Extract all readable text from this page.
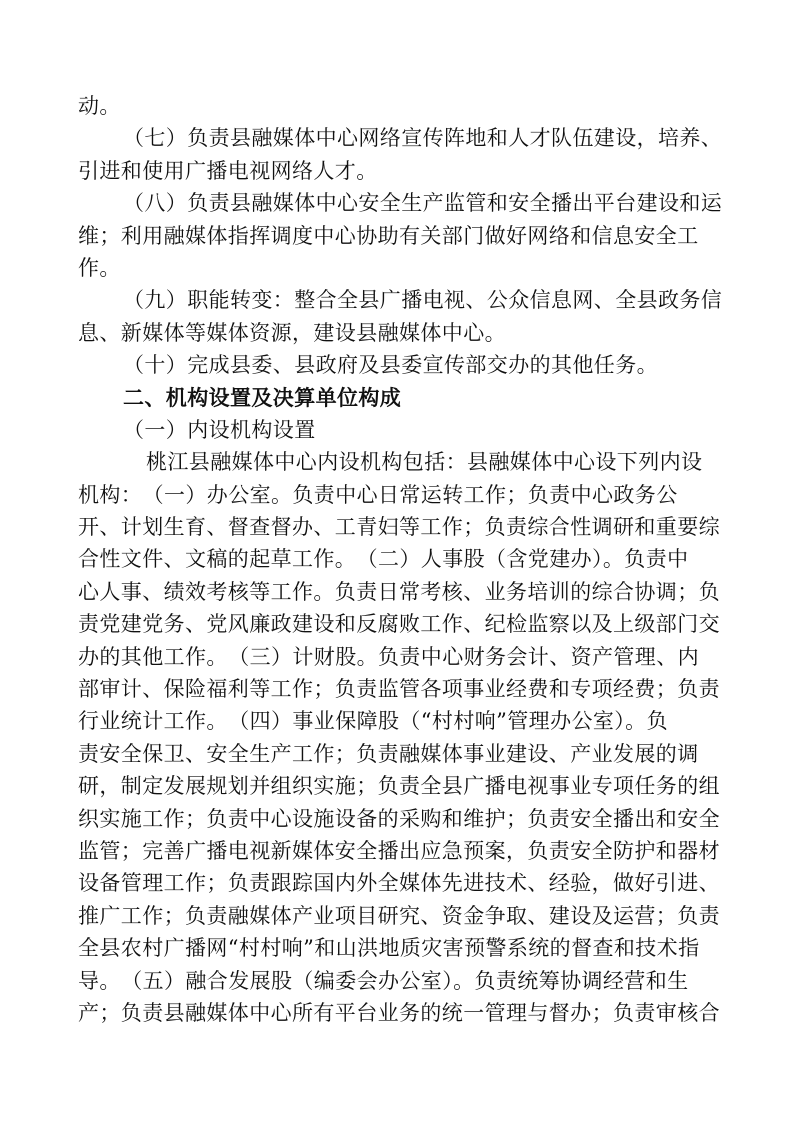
动。
（七）负责县融媒体中心网络宣传阵地和人才队伍建设，培养、
引进和使用广播电视网络人才。
（八）负责县融媒体中心安全生产监管和安全播出平台建设和运
维；利用融媒体指挥调度中心协助有关部门做好网络和信息安全工
作。
（九）职能转变：整合全县广播电视、公众信息网、全县政务信
息、新媒体等媒体资源，建设县融媒体中心。
（十）完成县委、县政府及县委宣传部交办的其他任务。
二、机构设置及决算单位构成
（一）内设机构设置
桃江县融媒体中心内设机构包括：县融媒体中心设下列内设
机构：　（一）办公室。负责中心日常运转工作；负责中心政务公
开、计划生育、督查督办、工青妇等工作；负责综合性调研和重要综
合性文件、文稿的起草工作。　（二）人事股（含党建办）。负责中
心人事、绩效考核等工作。负责日常考核、业务培训的综合协调；负
责党建党务、党风廉政建设和反腐败工作、纪检监察以及上级部门交
办的其他工作。　（三）计财股。负责中心财务会计、资产管理、内
部审计、保险福利等工作；负责监管各项事业经费和专项经费；负责
行业统计工作。　（四）事业保障股（“村村响”管理办公室）。负
责安全保卫、安全生产工作；负责融媒体事业建设、产业发展的调
研，制定发展规划并组织实施；负责全县广播电视事业专项任务的组
织实施工作；负责中心设施设备的采购和维护；负责安全播出和安全
监管；完善广播电视新媒体安全播出应急预案，负责安全防护和器材
设备管理工作；负责跟踪国内外全媒体先进技术、经验，做好引进、
推广工作；负责融媒体产业项目研究、资金争取、建设及运营；负责
全县农村广播网“村村响”和山洪地质灾害预警系统的督查和技术指
导。　（五）融合发展股（编委会办公室）。负责统筹协调经营和生
产；负责县融媒体中心所有平台业务的统一管理与督办；负责审核合
